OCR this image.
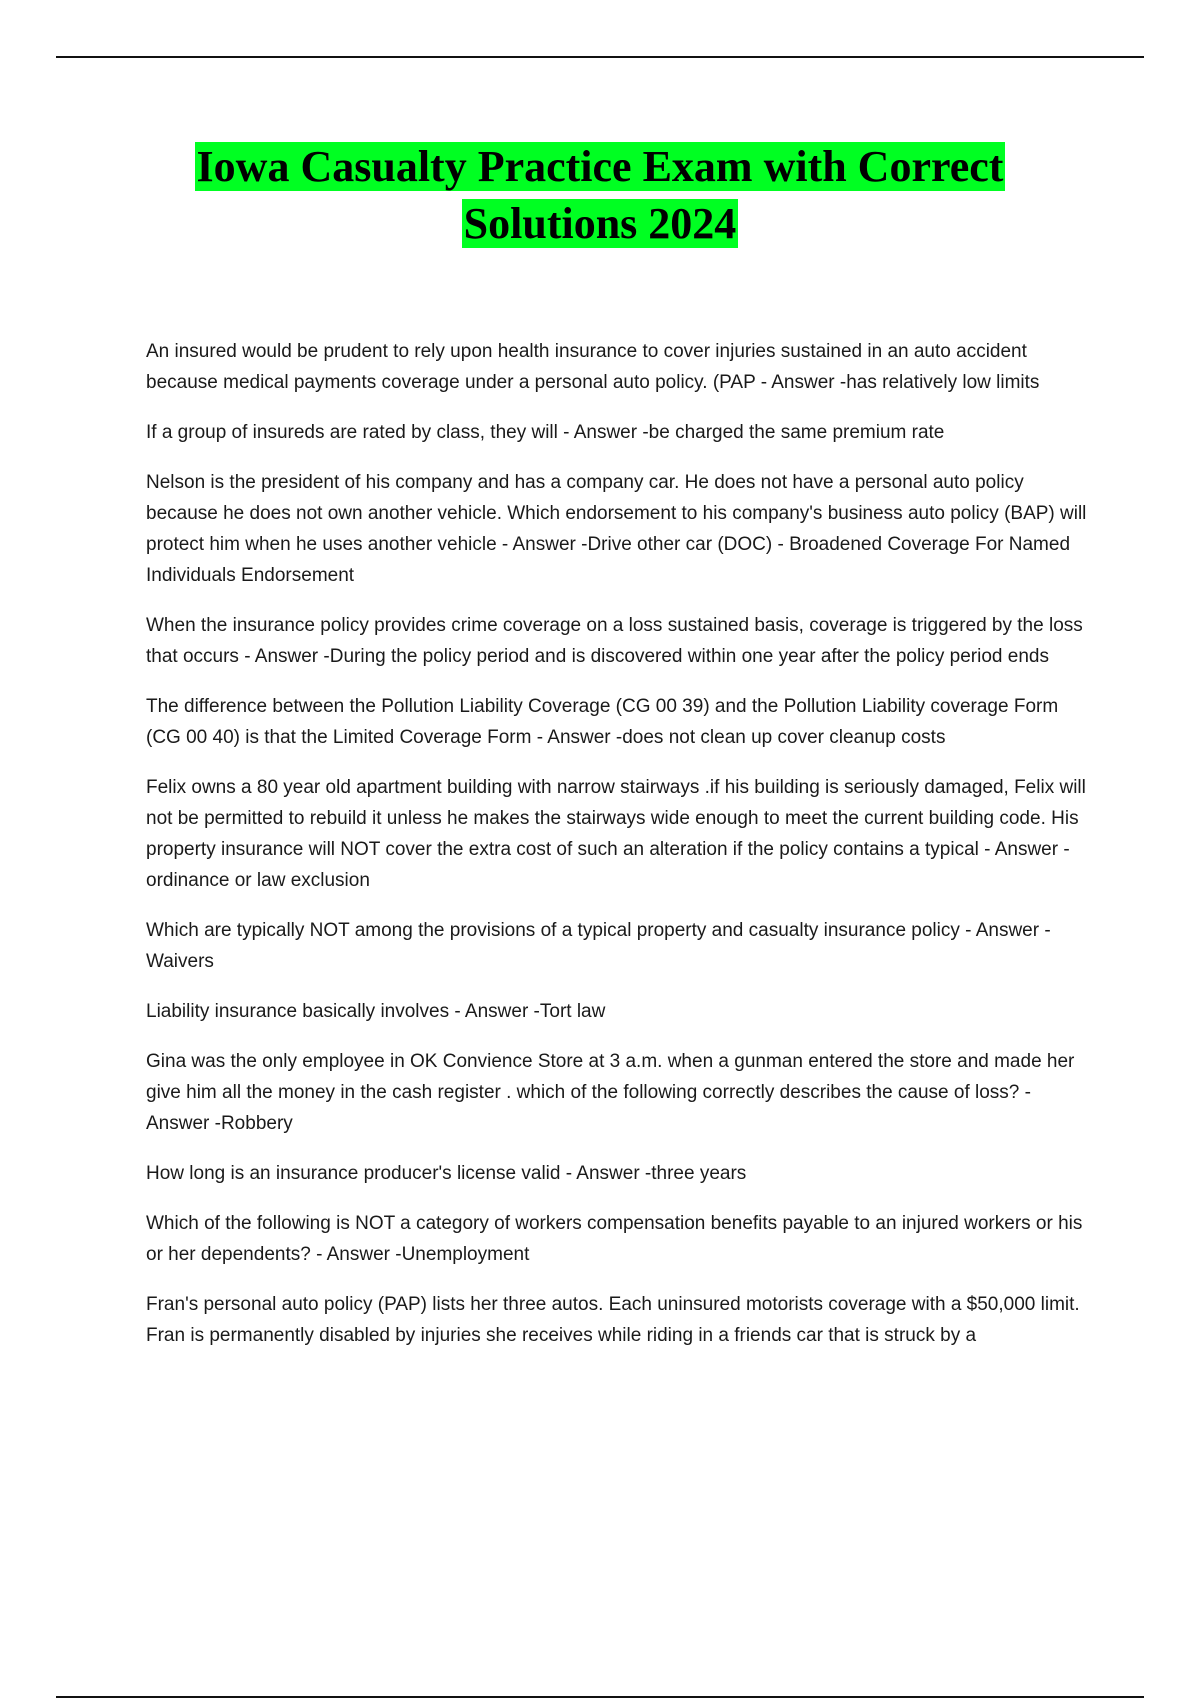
Iowa Casualty Practice Exam with Correct
Solutions 2024

An insured would be prudent to rely upon health insurance to cover injuries sustained in an auto accident because medical payments coverage under a personal auto policy. (PAP - Answer -has relatively low limits

If a group of insureds are rated by class, they will - Answer -be charged the same premium rate

Nelson is the president of his company and has a company car. He does not have a personal auto policy because he does not own another vehicle. Which endorsement to his company's business auto policy (BAP) will protect him when he uses another vehicle - Answer -Drive other car (DOC) - Broadened Coverage For Named Individuals Endorsement

When the insurance policy provides crime coverage on a loss sustained basis, coverage is triggered by the loss that occurs - Answer -During the policy period and is discovered within one year after the policy period ends

The difference between the Pollution Liability Coverage (CG 00 39) and the Pollution Liability coverage Form (CG 00 40) is that the Limited Coverage Form - Answer -does not clean up cover cleanup costs

Felix owns a 80 year old apartment building with narrow stairways .if his building is seriously damaged, Felix will not be permitted to rebuild it unless he makes the stairways wide enough to meet the current building code. His property insurance will NOT cover the extra cost of such an alteration if the policy contains a typical - Answer -ordinance or law exclusion

Which are typically NOT among the provisions of a typical property and casualty insurance policy - Answer -Waivers

Liability insurance basically involves - Answer -Tort law

Gina was the only employee in OK Convience Store at 3 a.m. when a gunman entered the store and made her give him all the money in the cash register . which of the following correctly describes the cause of loss? - Answer -Robbery

How long is an insurance producer's license valid - Answer -three years

Which of the following is NOT a category of workers compensation benefits payable to an injured workers or his or her dependents? - Answer -Unemployment

Fran's personal auto policy (PAP) lists her three autos. Each uninsured motorists coverage with a $50,000 limit. Fran is permanently disabled by injuries she receives while riding in a friends car that is struck by a
